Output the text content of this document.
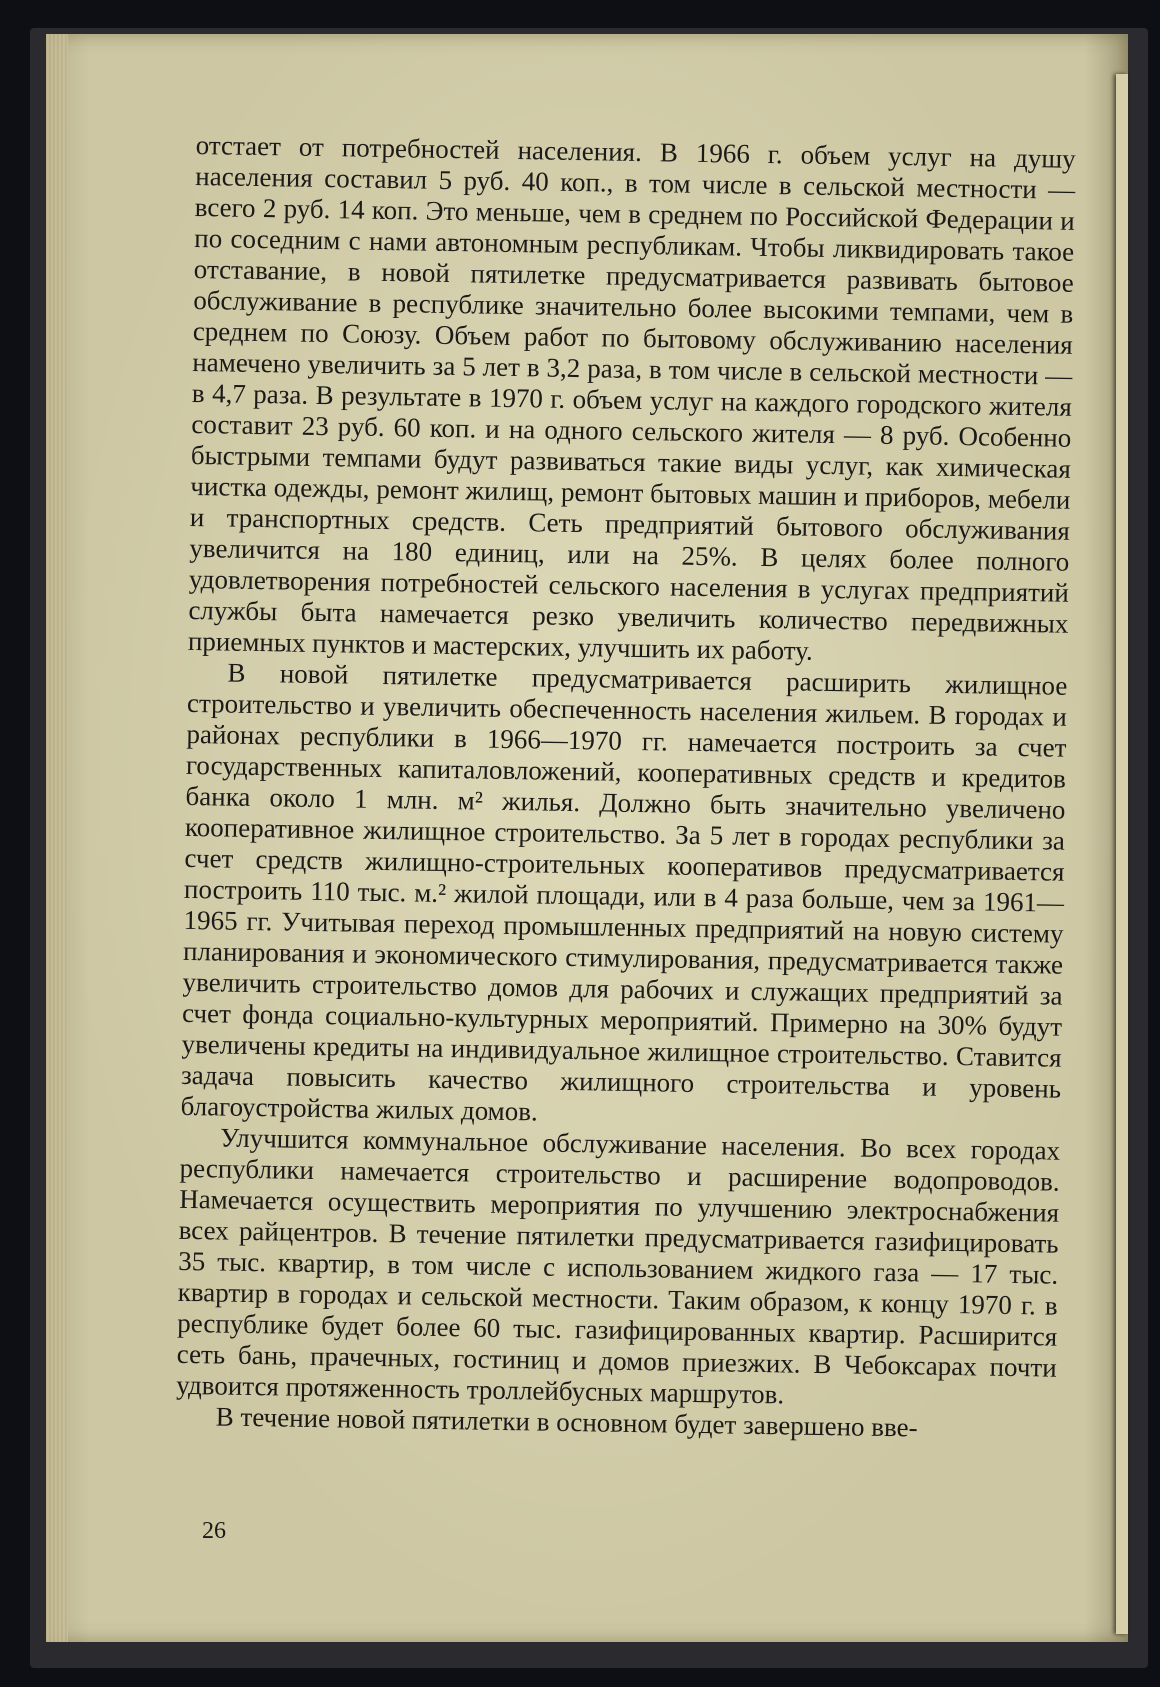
отстает от потребностей населения. В 1966 г. объем услуг на душу населения составил 5 руб. 40 коп., в том числе в сельской местности — всего 2 руб. 14 коп. Это меньше, чем в среднем по Российской Федерации и по соседним с нами автономным республикам. Чтобы ликвидировать такое отставание, в новой пятилетке предусматривается развивать бытовое обслуживание в республике значительно более высокими темпами, чем в среднем по Союзу. Объем работ по бытовому обслуживанию населения намечено увеличить за 5 лет в 3,2 раза, в том числе в сельской местности — в 4,7 раза. В результате в 1970 г. объем услуг на каждого городского жителя составит 23 руб. 60 коп. и на одного сельского жителя — 8 руб. Особенно быстрыми темпами будут развиваться такие виды услуг, как химическая чистка одежды, ремонт жилищ, ремонт бытовых машин и приборов, мебели и транспортных средств. Сеть предприятий бытового обслуживания увеличится на 180 единиц, или на 25%. В целях более полного удовлетворения потребностей сельского населения в услугах предприятий службы быта намечается резко увеличить количество передвижных приемных пунктов и мастерских, улучшить их работу.

В новой пятилетке предусматривается расширить жилищное строительство и увеличить обеспеченность населения жильем. В городах и районах республики в 1966—1970 гг. намечается построить за счет государственных капиталовложений, кооперативных средств и кредитов банка около 1 млн. м² жилья. Должно быть значительно увеличено кооперативное жилищное строительство. За 5 лет в городах республики за счет средств жилищно-строительных кооперативов предусматривается построить 110 тыс. м.² жилой площади, или в 4 раза больше, чем за 1961—1965 гг. Учитывая переход промышленных предприятий на новую систему планирования и экономического стимулирования, предусматривается также увеличить строительство домов для рабочих и служащих предприятий за счет фонда социально-культурных мероприятий. Примерно на 30% будут увеличены кредиты на индивидуальное жилищное строительство. Ставится задача повысить качество жилищного строительства и уровень благоустройства жилых домов.

Улучшится коммунальное обслуживание населения. Во всех городах республики намечается строительство и расширение водопроводов. Намечается осуществить мероприятия по улучшению электроснабжения всех райцентров. В течение пятилетки предусматривается газифицировать 35 тыс. квартир, в том числе с использованием жидкого газа — 17 тыс. квартир в городах и сельской местности. Таким образом, к концу 1970 г. в республике будет более 60 тыс. газифицированных квартир. Расширится сеть бань, прачечных, гостиниц и домов приезжих. В Чебоксарах почти удвоится протяженность троллейбусных маршрутов.

В течение новой пятилетки в основном будет завершено вве-

26
